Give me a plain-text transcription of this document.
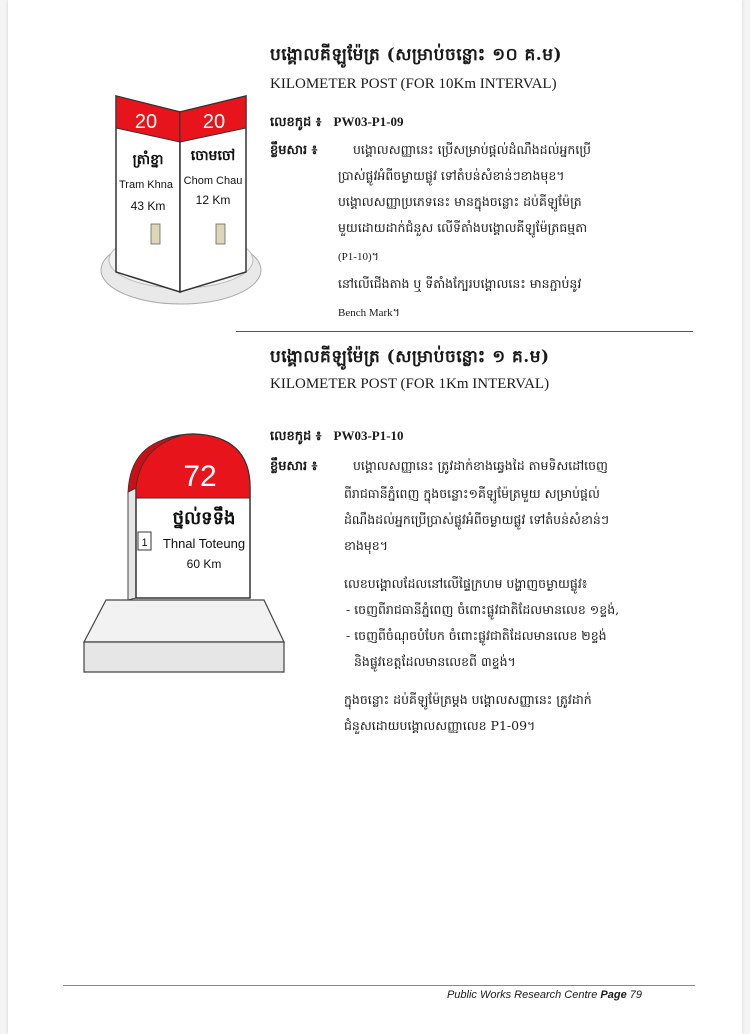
បង្គោលគីឡូម៉ែត្រ (សម្រាប់ចន្លោះ ១០ គ.ម)
KILOMETER POST (FOR 10Km INTERVAL)
20 20
ត្រាំខ្នា
Tram Khna
43 Km
ចោមចៅ
Chom Chau
12 Km
លេខកូដ ៖ PW03-P1-09
ខ្លឹមសារ ៖	បង្គោលសញ្ញានេះ ប្រើសម្រាប់ផ្តល់ដំណឹងដល់អ្នកប្រើ
ប្រាស់ផ្លូវអំពីចម្ងាយផ្លូវ ទៅតំបន់សំខាន់ៗខាងមុខ។
បង្គោលសញ្ញាប្រភេទនេះ មានក្នុងចន្លោះ ដប់គីឡូម៉ែត្រ
មួយដោយដាក់ជំនួស លើទីតាំងបង្គោលគីឡូម៉ែត្រធម្មតា
(P1-10)។
នៅលើជើងតាង ឬ ទីតាំងក្បែរបង្គោលនេះ មានភ្ជាប់នូវ
Bench Mark។
បង្គោលគីឡូម៉ែត្រ (សម្រាប់ចន្លោះ ១ គ.ម)
KILOMETER POST (FOR 1Km INTERVAL)
72
1
ថ្នល់ទទឹង
Thnal Toteung
60 Km
លេខកូដ ៖ PW03-P1-10
ខ្លឹមសារ ៖	បង្គោលសញ្ញានេះ ត្រូវដាក់ខាងឆ្វេងដៃ តាមទិសដៅចេញ
ពីរាជធានីភ្នំពេញ ក្នុងចន្លោះ១គីឡូម៉ែត្រមួយ សម្រាប់ផ្តល់
ដំណឹងដល់អ្នកប្រើប្រាស់ផ្លូវអំពីចម្ងាយផ្លូវ ទៅតំបន់សំខាន់ៗ
ខាងមុខ។
លេខបង្គោលដែលនៅលើផ្ទៃក្រហម បង្ហាញចម្ងាយផ្លូវ៖
- ចេញពីរាជធានីភ្នំពេញ ចំពោះផ្លូវជាតិដែលមានលេខ ១ខ្ទង់,
- ចេញពីចំណុចបំបែក ចំពោះផ្លូវជាតិដែលមានលេខ ២ខ្ទង់
និងផ្លូវខេត្តដែលមានលេខពី ៣ខ្ទង់។
ក្នុងចន្លោះ ដប់គីឡូម៉ែត្រម្តង បង្គោលសញ្ញានេះ ត្រូវដាក់
ជំនួសដោយបង្គោលសញ្ញាលេខ P1-09។
Public Works Research Centre Page 79
